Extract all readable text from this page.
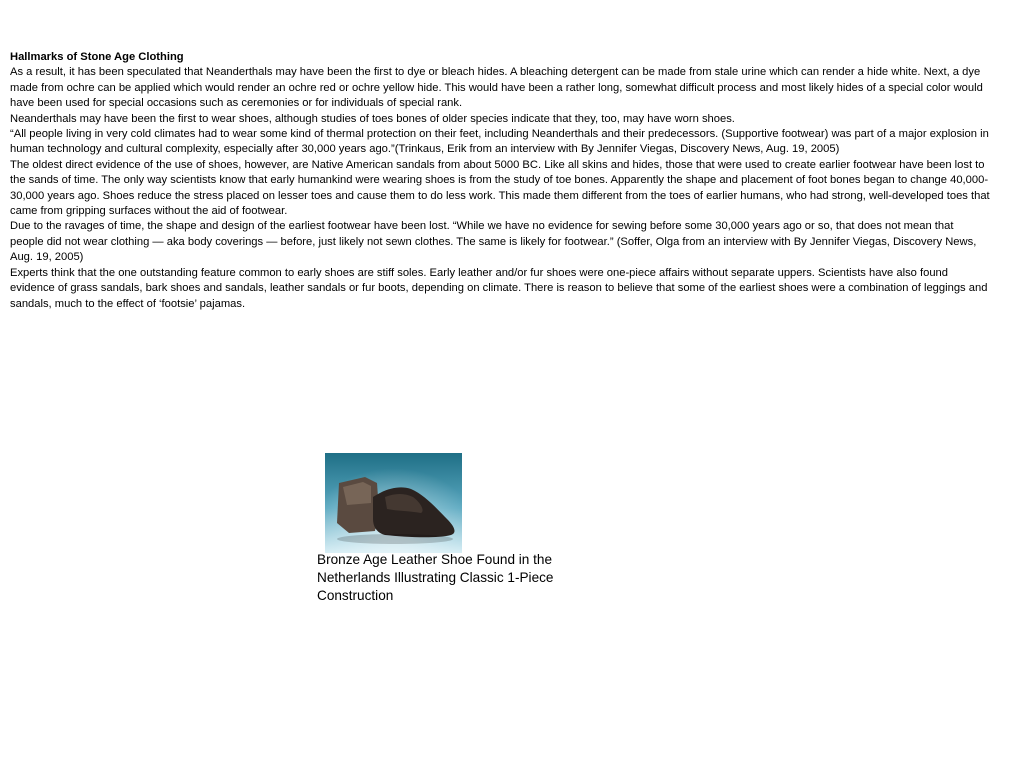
Hallmarks of Stone Age Clothing

As a result, it has been speculated that Neanderthals may have been the first to dye or bleach hides. A bleaching detergent can be made from stale urine which can render a hide white. Next, a dye made from ochre can be applied which would render an ochre red or ochre yellow hide. This would have been a rather long, somewhat difficult process and most likely hides of a special color would have been used for special occasions such as ceremonies or for individuals of special rank.

Neanderthals may have been the first to wear shoes, although studies of toes bones of older species indicate that they, too, may have worn shoes.

“All people living in very cold climates had to wear some kind of thermal protection on their feet, including Neanderthals and their predecessors. (Supportive footwear) was part of a major explosion in human technology and cultural complexity, especially after 30,000 years ago.”(Trinkaus, Erik from an interview with By Jennifer Viegas, Discovery News, Aug. 19, 2005)

The oldest direct evidence of the use of shoes, however, are Native American sandals from about 5000 BC. Like all skins and hides, those that were used to create earlier footwear have been lost to the sands of time. The only way scientists know that early humankind were wearing shoes is from the study of toe bones. Apparently the shape and placement of foot bones began to change 40,000-30,000 years ago. Shoes reduce the stress placed on lesser toes and cause them to do less work. This made them different from the toes of earlier humans, who had strong, well-developed toes that came from gripping surfaces without the aid of footwear.

Due to the ravages of time, the shape and design of the earliest footwear have been lost. “While we have no evidence for sewing before some 30,000 years ago or so, that does not mean that people did not wear clothing — aka body coverings — before, just likely not sewn clothes. The same is likely for footwear.” (Soffer, Olga from an interview with By Jennifer Viegas, Discovery News, Aug. 19, 2005)

Experts think that the one outstanding feature common to early shoes are stiff soles. Early leather and/or fur shoes were one-piece affairs without separate uppers. Scientists have also found evidence of grass sandals, bark shoes and sandals, leather sandals or fur boots, depending on climate. There is reason to believe that some of the earliest shoes were a combination of leggings and sandals, much to the effect of ‘footsie’ pajamas.

Bronze Age Leather Shoe Found in the Netherlands Illustrating Classic 1-Piece Construction
